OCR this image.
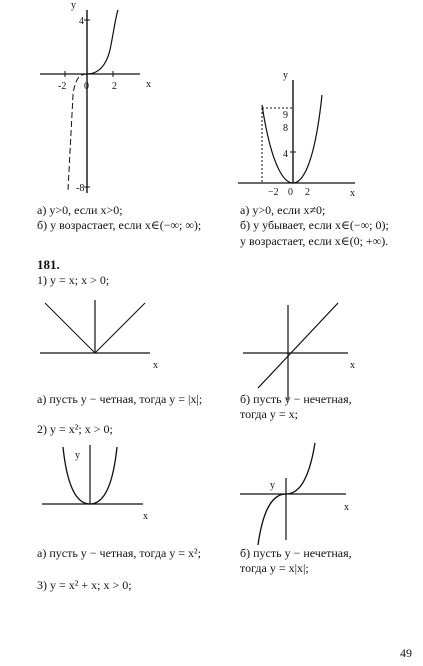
y
x
4
-8
-2 0 2
y
x
9
8
4
−2 0 2
а) y>0, если x>0;
б) y возрастает, если x∈(−∞; ∞);
а) y>0, если x≠0;
б) y убывает, если x∈(−∞; 0);
y возрастает, если x∈(0; +∞).
181.
1) y = x; x > 0;
x	x
а) пусть y − четная, тогда y = |x|;	б) пусть y − нечетная,
тогда y = x;
2) y = x²; x > 0;
y
x
y
x
а) пусть y − четная, тогда y = x²;	б) пусть y − нечетная,
тогда y = x|x|;
3) y = x² + x; x > 0;
49
